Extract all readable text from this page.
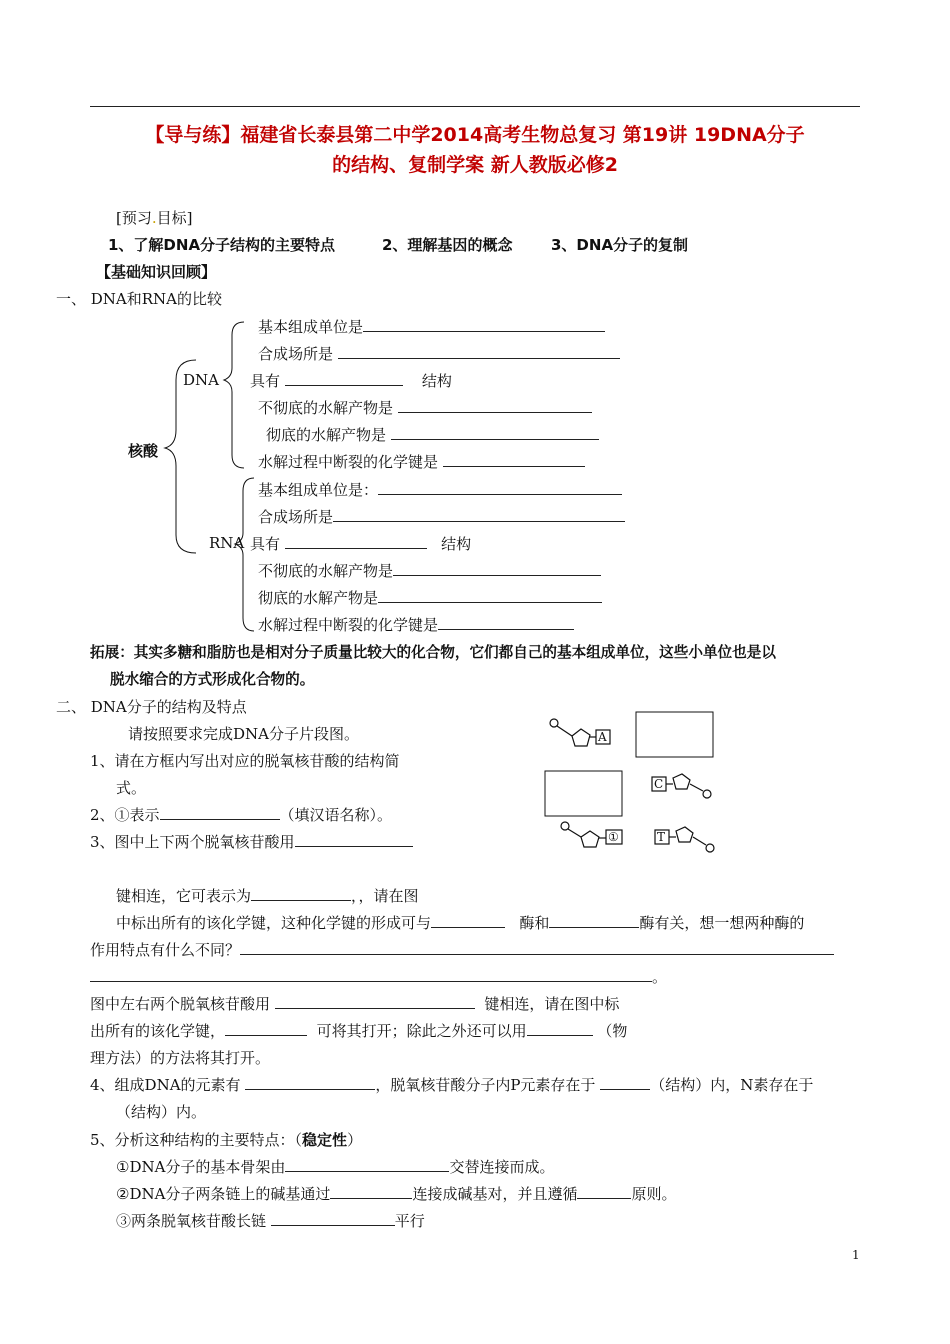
【导与练】福建省长泰县第二中学2014高考生物总复习 第19讲 19DNA分子
的结构、复制学案 新人教版必修2
[预习.目标]
1、了解DNA分子结构的主要特点	2、理解基因的概念	3、DNA分子的复制
【基础知识回顾】
一、 DNA和RNA的比较
A
C
①	T
核酸
DNA
RNA
基本组成单位是
合成场所是
具有	结构
不彻底的水解产物是
彻底的水解产物是
水解过程中断裂的化学键是
基本组成单位是：
合成场所是
具有	结构
不彻底的水解产物是
彻底的水解产物是
水解过程中断裂的化学键是
拓展：其实多糖和脂肪也是相对分子质量比较大的化合物，它们都自己的基本组成单位，这些小单位也是以
脱水缩合的方式形成化合物的。
二、 DNA分子的结构及特点
请按照要求完成DNA分子片段图。
1、请在方框内写出对应的脱氧核苷酸的结构简
式。
2、①表示	（填汉语名称）。
3、图中上下两个脱氧核苷酸用
键相连，它可表示为	，，请在图
中标出所有的该化学键，这种化学键的形成可与	酶和	酶有关，想一想两种酶的
作用特点有什么不同？
。
图中左右两个脱氧核苷酸用	键相连，请在图中标
出所有的该化学键，	可将其打开；除此之外还可以用	（物
理方法）的方法将其打开。
4、组成DNA的元素有	，脱氧核苷酸分子内P元素存在于	（结构）内，N素存在于
（结构）内。
5、分析这种结构的主要特点：（稳定性）
①DNA分子的基本骨架由	交替连接而成。
②DNA分子两条链上的碱基通过	连接成碱基对，并且遵循	原则。
③两条脱氧核苷酸长链	平行
1
